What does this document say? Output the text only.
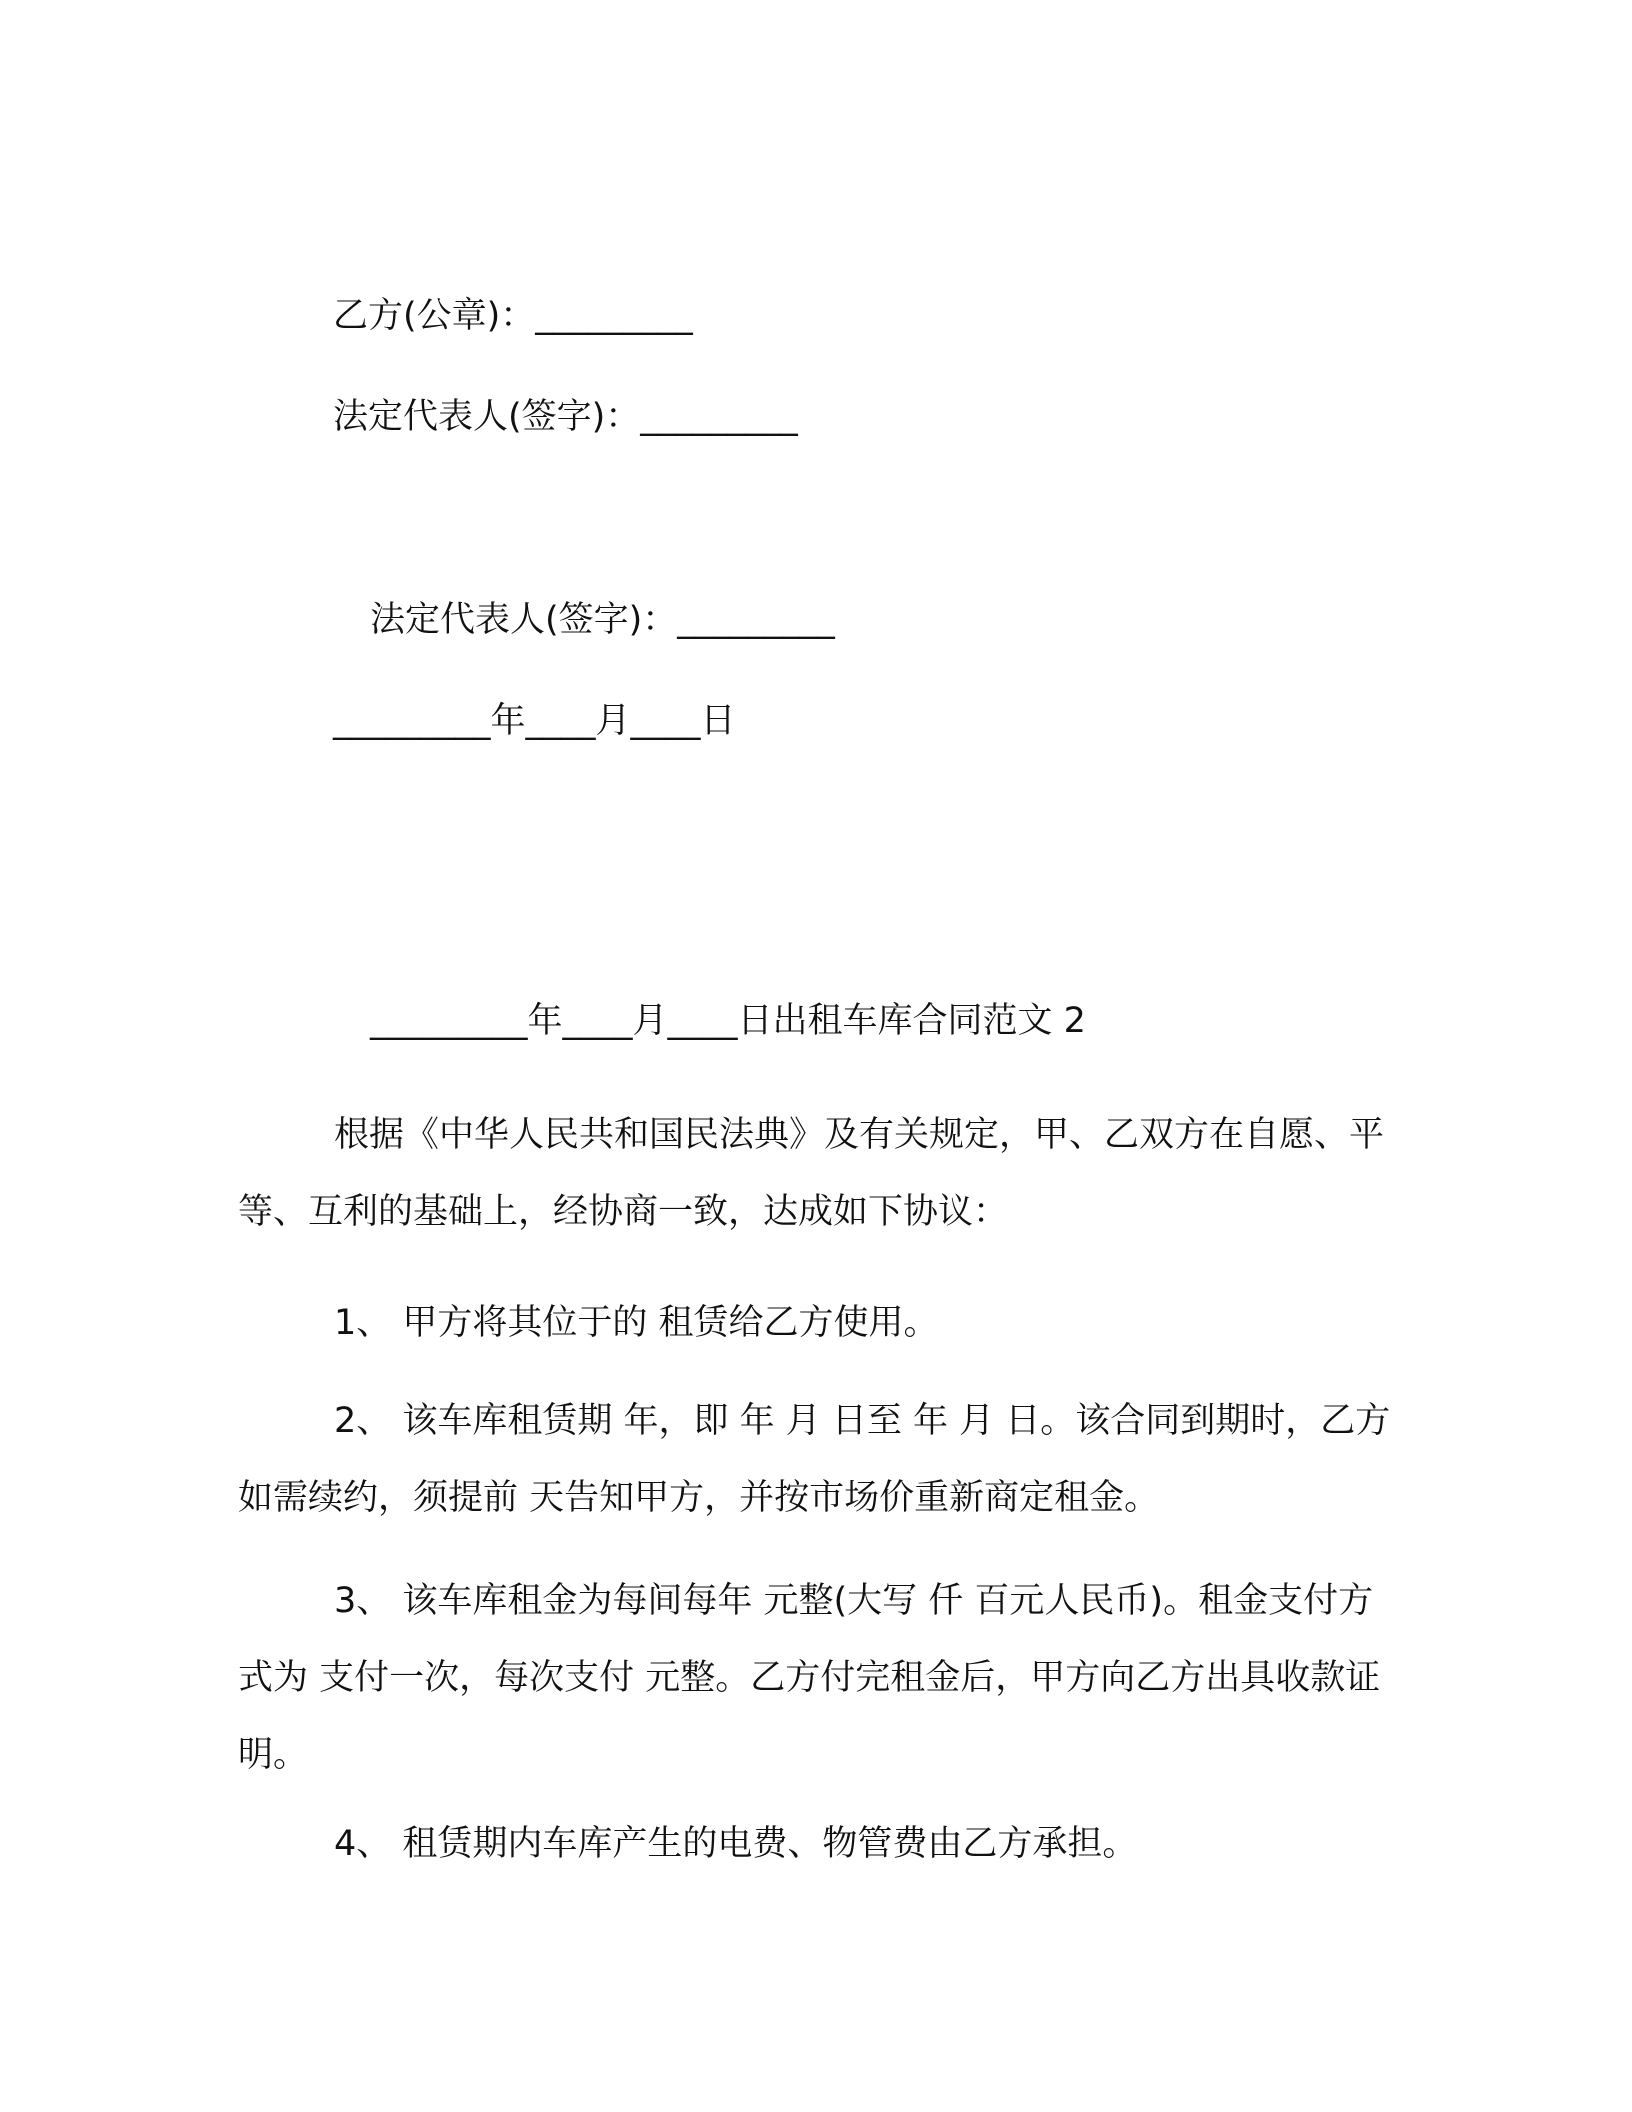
乙方(公章)：_________
法定代表人(签字)：_________
法定代表人(签字)：_________
_________年____月____日
_________年____月____日出租车库合同范文 2

根据《中华人民共和国民法典》及有关规定，甲、乙双方在自愿、平等、互利的基础上，经协商一致，达成如下协议：

1、 甲方将其位于的 租赁给乙方使用。

2、 该车库租赁期 年，即 年 月 日至 年 月 日。该合同到期时，乙方如需续约，须提前 天告知甲方，并按市场价重新商定租金。

3、 该车库租金为每间每年 元整(大写 仟 百元人民币)。租金支付方式为 支付一次，每次支付 元整。乙方付完租金后，甲方向乙方出具收款证明。

4、 租赁期内车库产生的电费、物管费由乙方承担。
